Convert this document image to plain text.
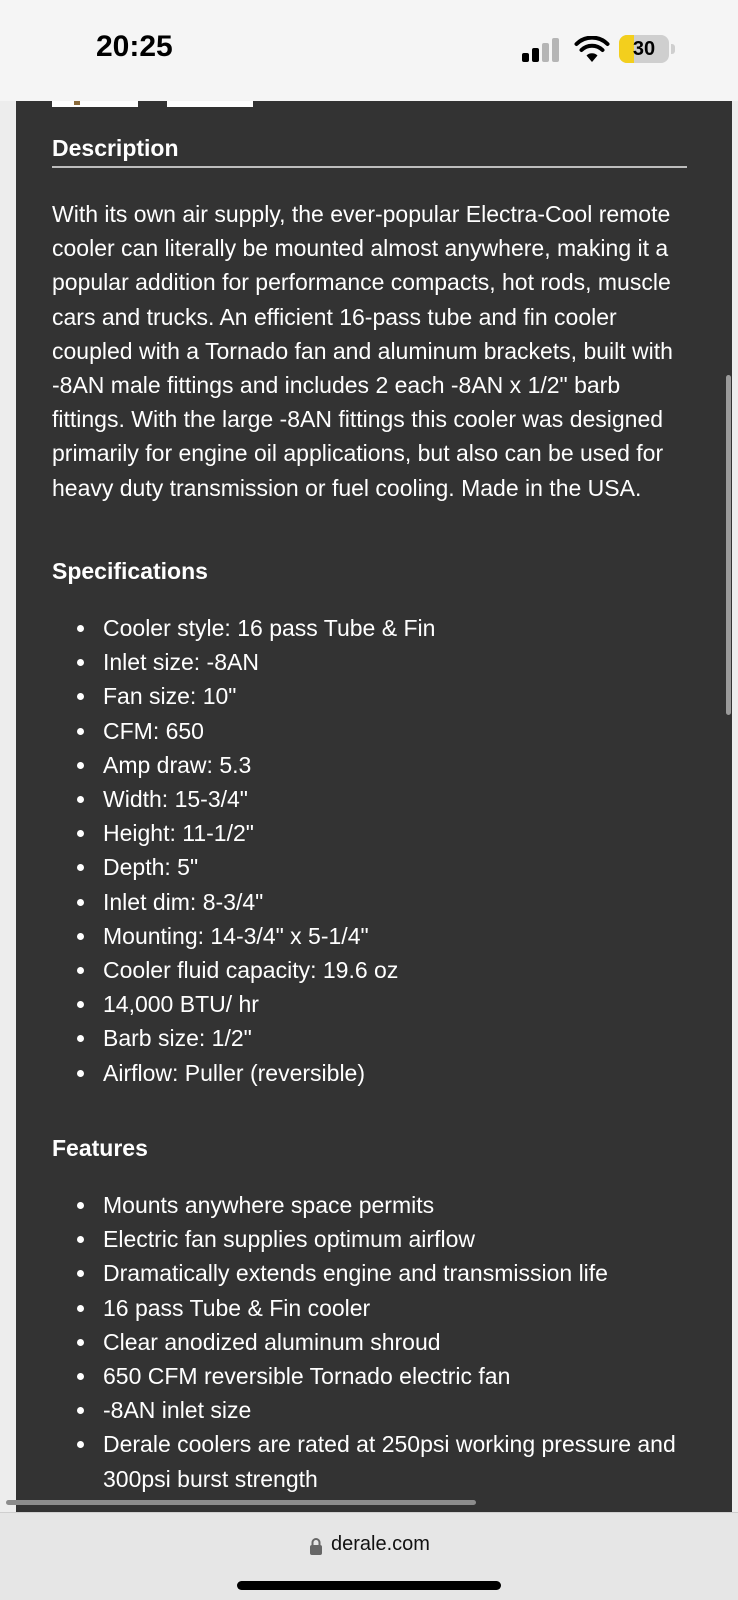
20:25	30
Description

With its own air supply, the ever-popular Electra-Cool remote cooler can literally be mounted almost anywhere, making it a popular addition for performance compacts, hot rods, muscle cars and trucks. An efficient 16-pass tube and fin cooler coupled with a Tornado fan and aluminum brackets, built with -8AN male fittings and includes 2 each -8AN x 1/2" barb fittings. With the large -8AN fittings this cooler was designed primarily for engine oil applications, but also can be used for heavy duty transmission or fuel cooling. Made in the USA.

Specifications
Cooler style: 16 pass Tube & Fin
Inlet size: -8AN
Fan size: 10"
CFM: 650
Amp draw: 5.3
Width: 15-3/4"
Height: 11-1/2"
Depth: 5"
Inlet dim: 8-3/4"
Mounting: 14-3/4" x 5-1/4"
Cooler fluid capacity: 19.6 oz
14,000 BTU/ hr
Barb size: 1/2"
Airflow: Puller (reversible)
Features
Mounts anywhere space permits
Electric fan supplies optimum airflow
Dramatically extends engine and transmission life
16 pass Tube & Fin cooler
Clear anodized aluminum shroud
650 CFM reversible Tornado electric fan
-8AN inlet size
Derale coolers are rated at 250psi working pressure and 300psi burst strength
derale.com
